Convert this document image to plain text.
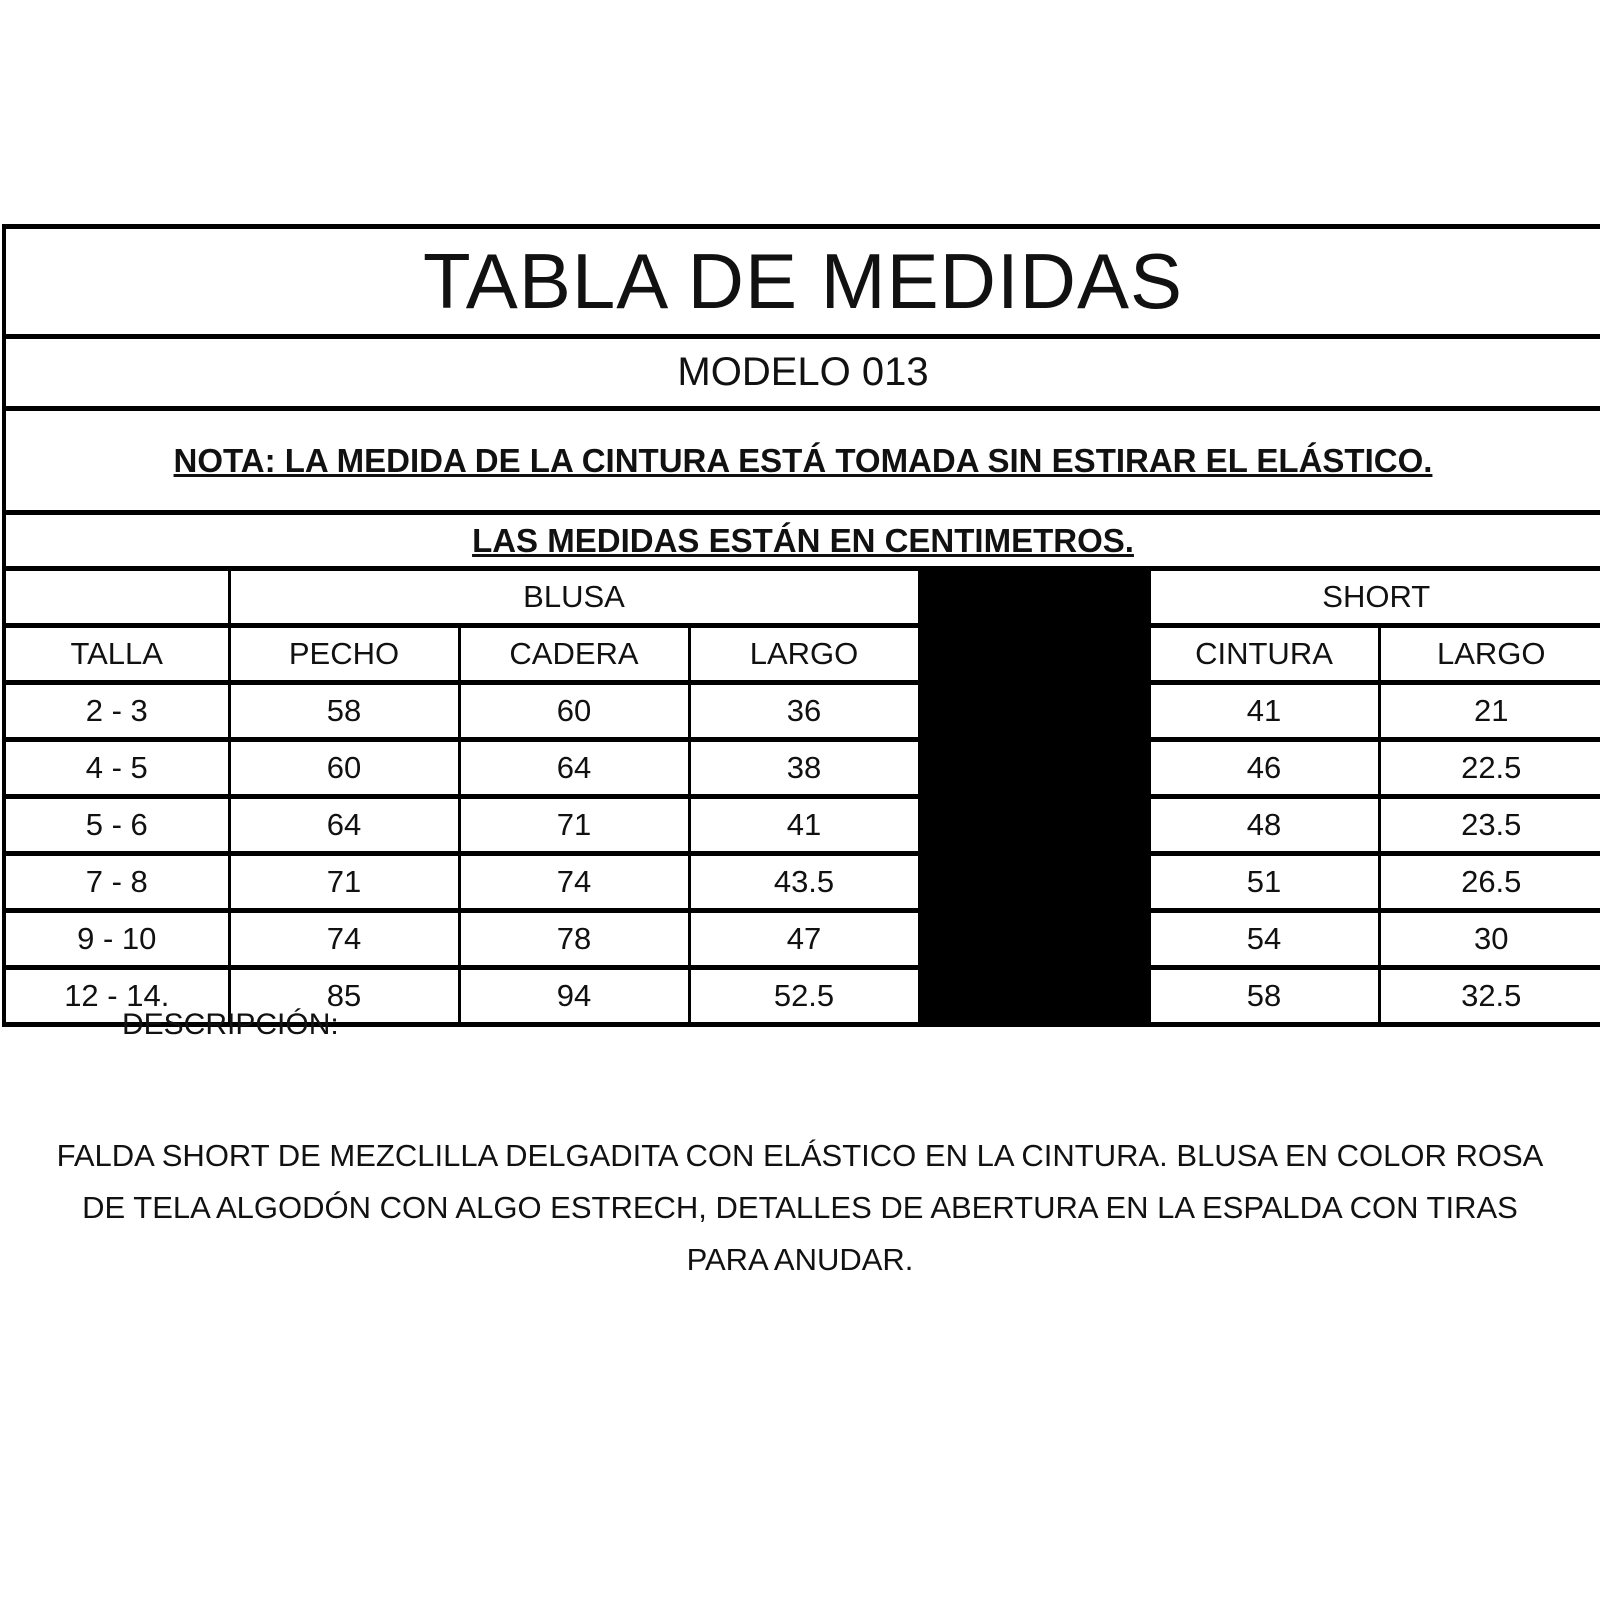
TABLA DE MEDIDAS
MODELO 013
NOTA: LA MEDIDA DE LA CINTURA ESTÁ TOMADA SIN ESTIRAR EL ELÁSTICO.
LAS MEDIDAS ESTÁN EN CENTIMETROS.
	BLUSA				SHORT	
TALLA	PECHO	CADERA	LARGO		CINTURA	LARGO
2 - 3	58	60	36		41	21
4 - 5	60	64	38		46	22.5
5 - 6	64	71	41		48	23.5
7 - 8	71	74	43.5		51	26.5
9 - 10	74	78	47		54	30
12 - 14.	85	94	52.5		58	32.5
DESCRIPCIÓN:
FALDA SHORT DE MEZCLILLA DELGADITA CON ELÁSTICO EN LA CINTURA. BLUSA EN COLOR ROSA DE TELA ALGODÓN CON ALGO ESTRECH, DETALLES DE ABERTURA EN LA ESPALDA CON TIRAS PARA ANUDAR.
